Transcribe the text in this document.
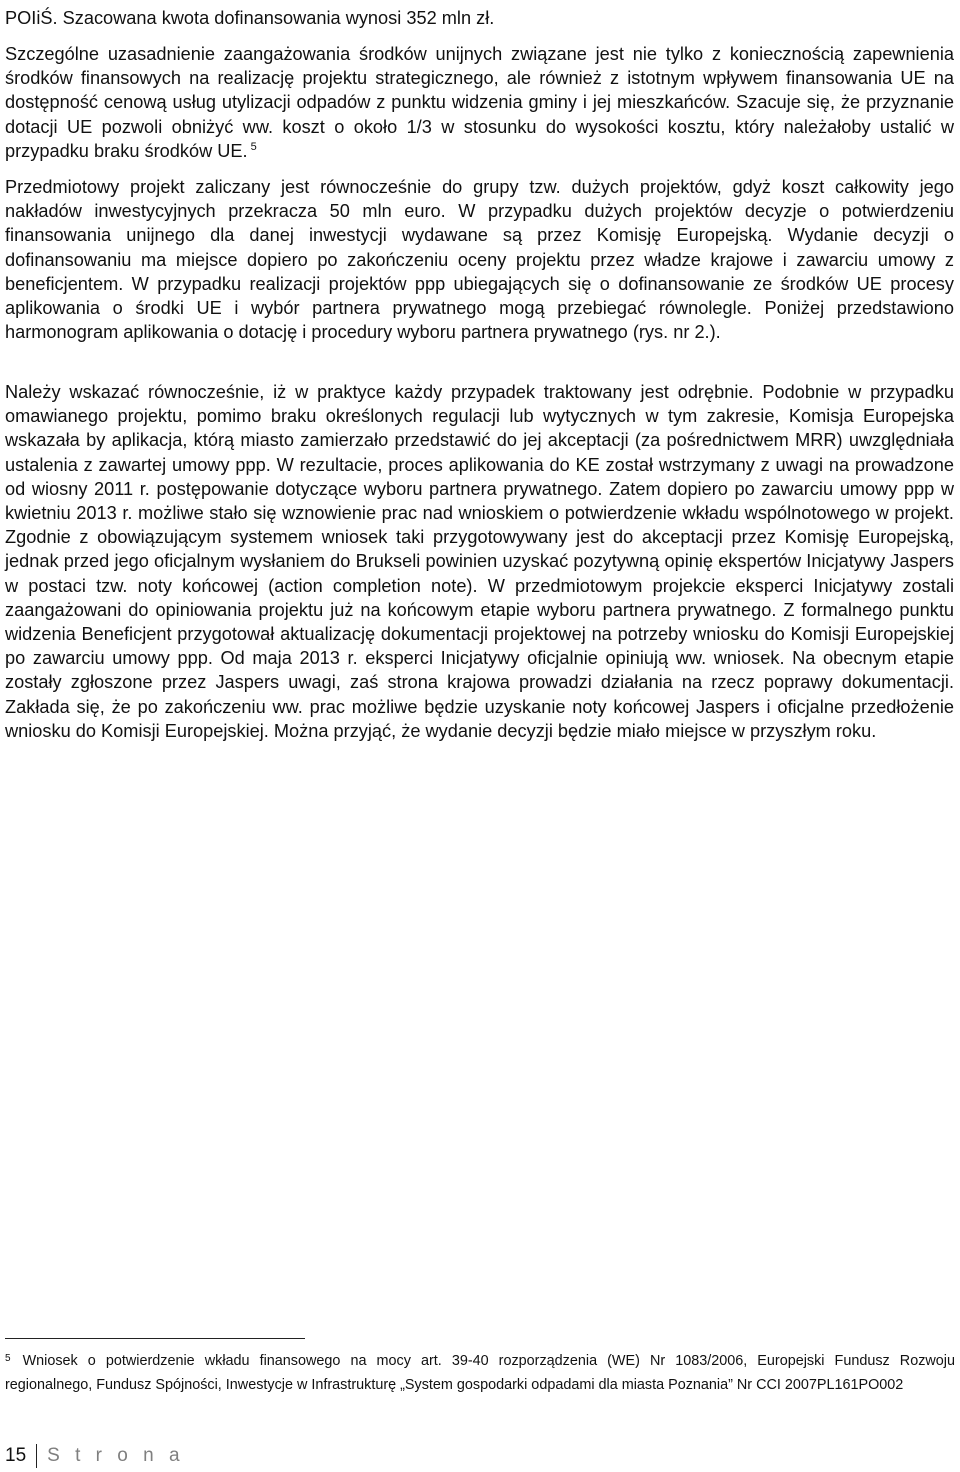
POIiŚ. Szacowana kwota dofinansowania wynosi 352 mln zł.

Szczególne uzasadnienie zaangażowania środków unijnych związane jest nie tylko z koniecznością zapewnienia środków finansowych na realizację projektu strategicznego, ale również z istotnym wpływem finansowania UE na dostępność cenową usług utylizacji odpadów z punktu widzenia gminy i jej mieszkańców. Szacuje się, że przyznanie dotacji UE pozwoli obniżyć ww. koszt o około 1/3 w stosunku do wysokości kosztu, który należałoby ustalić w przypadku braku środków UE. $^5$

Przedmiotowy projekt zaliczany jest równocześnie do grupy tzw. dużych projektów, gdyż koszt całkowity jego nakładów inwestycyjnych przekracza 50 mln euro. W przypadku dużych projektów decyzje o potwierdzeniu finansowania unijnego dla danej inwestycji wydawane są przez Komisję Europejską. Wydanie decyzji o dofinansowaniu ma miejsce dopiero po zakończeniu oceny projektu przez władze krajowe i zawarciu umowy z beneficjentem. W przypadku realizacji projektów ppp ubiegających się o dofinansowanie ze środków UE procesy aplikowania o środki UE i wybór partnera prywatnego mogą przebiegać równolegle. Poniżej przedstawiono harmonogram aplikowania o dotację i procedury wyboru partnera prywatnego (rys. nr 2.).

Należy wskazać równocześnie, iż w praktyce każdy przypadek traktowany jest odrębnie. Podobnie w przypadku omawianego projektu, pomimo braku określonych regulacji lub wytycznych w tym zakresie, Komisja Europejska wskazała by aplikacja, którą miasto zamierzało przedstawić do jej akceptacji (za pośrednictwem MRR) uwzględniała ustalenia z zawartej umowy ppp. W rezultacie, proces aplikowania do KE został wstrzymany z uwagi na prowadzone od wiosny 2011 r. postępowanie dotyczące wyboru partnera prywatnego. Zatem dopiero po zawarciu umowy ppp w kwietniu 2013 r. możliwe stało się wznowienie prac nad wnioskiem o potwierdzenie wkładu wspólnotowego w projekt. Zgodnie z obowiązującym systemem wniosek taki przygotowywany jest do akceptacji przez Komisję Europejską, jednak przed jego oficjalnym wysłaniem do Brukseli powinien uzyskać pozytywną opinię ekspertów Inicjatywy Jaspers w postaci tzw. noty końcowej (action completion note). W przedmiotowym projekcie eksperci Inicjatywy zostali zaangażowani do opiniowania projektu już na końcowym etapie wyboru partnera prywatnego. Z formalnego punktu widzenia Beneficjent przygotował aktualizację dokumentacji projektowej na potrzeby wniosku do Komisji Europejskiej po zawarciu umowy ppp. Od maja 2013 r. eksperci Inicjatywy oficjalnie opiniują ww. wniosek. Na obecnym etapie zostały zgłoszone przez Jaspers uwagi, zaś strona krajowa prowadzi działania na rzecz poprawy dokumentacji. Zakłada się, że po zakończeniu ww. prac możliwe będzie uzyskanie noty końcowej Jaspers i oficjalne przedłożenie wniosku do Komisji Europejskiej. Można przyjąć, że wydanie decyzji będzie miało miejsce w przyszłym roku.

$^5$ Wniosek o potwierdzenie wkładu finansowego na mocy art. 39-40 rozporządzenia (WE) Nr 1083/2006, Europejski Fundusz Rozwoju regionalnego, Fundusz Spójności, Inwestycje w Infrastrukturę „System gospodarki odpadami dla miasta Poznania” Nr CCI 2007PL161PO002

15 S t r o n a
